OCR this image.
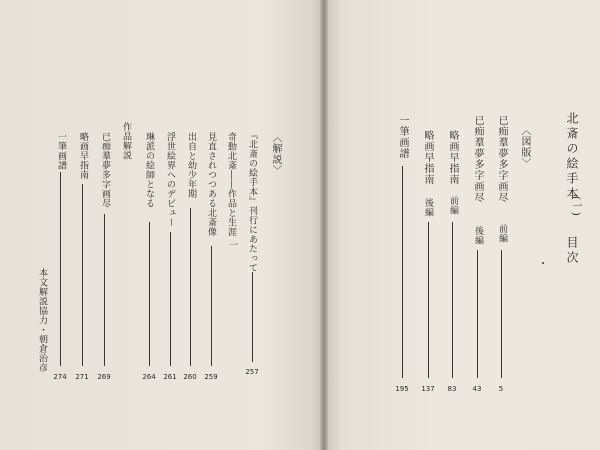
北斎の絵手本
(一)
目次
〈図版〉
已痴羣夢多字画尽
前編
5
已痴羣夢多字画尽
後編
43
略画早指南
前編
83
略画早指南
後編
137
一筆画譜
195
〈解説〉
『北斎の絵手本』刊行にあたって
257
奇動北斎――作品と生涯
一
見直されつつある北斎像
259
出自と幼少年期
260
浮世絵界へのデビュー
261
琳派の絵師となる
264
作品解説
已痴羣夢多字画尽
269
略画早指南
271
一筆画譜
274
本文解説協力・朝倉治彦
